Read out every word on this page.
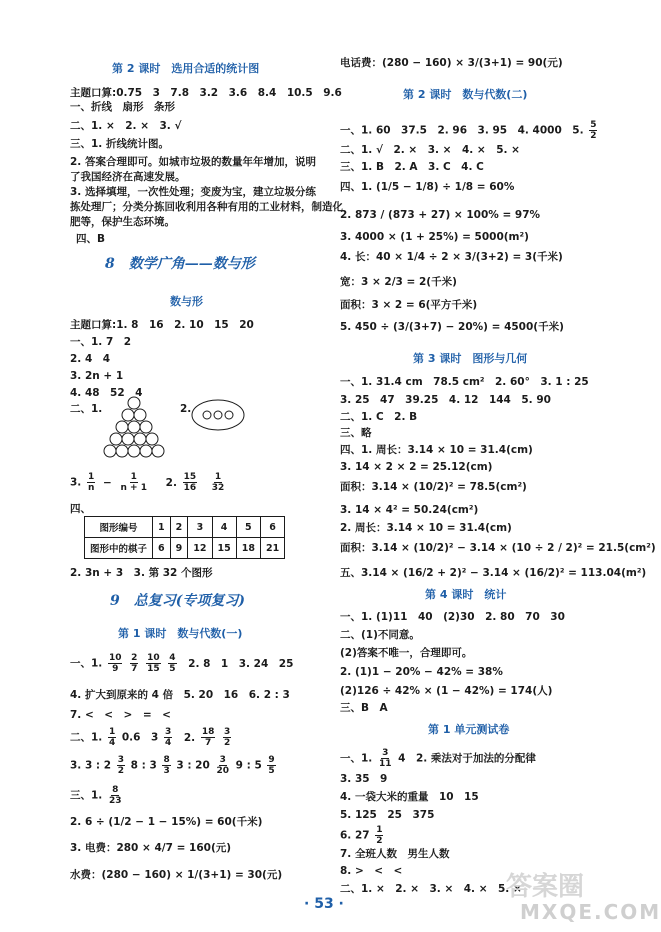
第 2 课时　选用合适的统计图
主题口算:0.75　3　7.8　3.2　3.6　8.4　10.5　9.6
一、折线　扇形　条形
二、1. ×　2. ×　3. √
三、1. 折线统计图。
2. 答案合理即可。如城市垃圾的数量年年增加，说明
了我国经济在高速发展。
3. 选择填埋，一次性处理；变废为宝，建立垃圾分练
拣处理厂；分类分拣回收利用各种有用的工业材料，制造化
肥等，保护生态环境。
四、B
8　数学广角——数与形
数与形
主题口算:1. 8　16　2. 10　15　20
一、1. 7　2
2. 4　4
3. 2n + 1
4. 48　52　4
二、1.	2.
3. $\frac{1}{n} - \frac{1}{n + 1} 2$. $\frac{15}{16}$
$\frac{1}{32}$
四、
图形编号	1	2	3	4	5	6
图形中的棋子	6	9	12	15	18	21
2. 3n + 3　3. 第 32 个图形
9　总复习(专项复习)
第 1 课时　数与代数(一)
一、1. $\frac{10}{9}$
$\frac{2}{7}$
$\frac{10}{15}$
$\frac{4}{5} 2$. 8　1　3. 24　25
4. 扩大到原来的 4 倍　5. 20　16　6. 2 : 3
7. <　<　>　=　<
二、1. $\frac{1}{4} 0.6$　$3 \frac{3}{4} 2$. $\frac{18}{7}$
$\frac{3}{2}$
3. 3 : $2 \frac{3}{2} 8$ : $3 \frac{8}{3} 3$ : $20 \frac{3}{20} 9$ : $5 \frac{9}{5}$
三、1. $\frac{8}{23}$
2. 6 ÷ (1/2 − 1 − 15%) = 60(千米)
3. 电费：280 × 4/7 = 160(元)
水费：(280 − 160) × 1/(3+1) = 30(元)
电话费：(280 − 160) × 3/(3+1) = 90(元)
第 2 课时　数与代数(二)
一、1. 60　37.5　2. 96　3. 95　4. 4000　5. $\frac{5}{2}$
二、1. √　2. ×　3. ×　4. ×　5. ×
三、1. B　2. A　3. C　4. C
四、1. (1/5 − 1/8) ÷ 1/8 = 60%
2. 873 / (873 + 27) × 100% = 97%
3. 4000 × (1 + 25%) = 5000(m²)
4. 长：40 × 1/4 ÷ 2 × 3/(3+2) = 3(千米)
宽：3 × 2/3 = 2(千米)
面积：3 × 2 = 6(平方千米)
5. 450 ÷ (3/(3+7) − 20%) = 4500(千米)
第 3 课时　图形与几何
一、1. 31.4 cm　78.5 cm²　2. 60°　3. 1 : 25
3. 25　47　39.25　4. 12　144　5. 90
二、1. C　2. B
三、略
四、1. 周长：3.14 × 10 = 31.4(cm)
3. 14 × 2 × 2 = 25.12(cm)
面积：3.14 × (10/2)² = 78.5(cm²)
3. 14 × 4² = 50.24(cm²)
2. 周长：3.14 × 10 = 31.4(cm)
面积：3.14 × (10/2)² − 3.14 × (10 ÷ 2 / 2)² = 21.5(cm²)
五、3.14 × (16/2 + 2)² − 3.14 × (16/2)² = 113.04(m²)
第 4 课时　统计
一、1. (1)11　40　(2)30　2. 80　70　30
二、(1)不同意。
(2)答案不唯一，合理即可。
2. (1)1 − 20% − 42% = 38%
(2)126 ÷ 42% × (1 − 42%) = 174(人)
三、B　A
第 1 单元测试卷
一、1. $\frac{3}{11} 4$　2. 乘法对于加法的分配律
3. 35　9
4. 一袋大米的重量　10　15
5. 125　25　375
6. $27 \frac{1}{2}$
7. 全班人数　男生人数
8. >　<　<
二、1. ×　2. ×　3. ×　4. ×　5. ×
· 53 ·
答案圈
MXQE.COM
